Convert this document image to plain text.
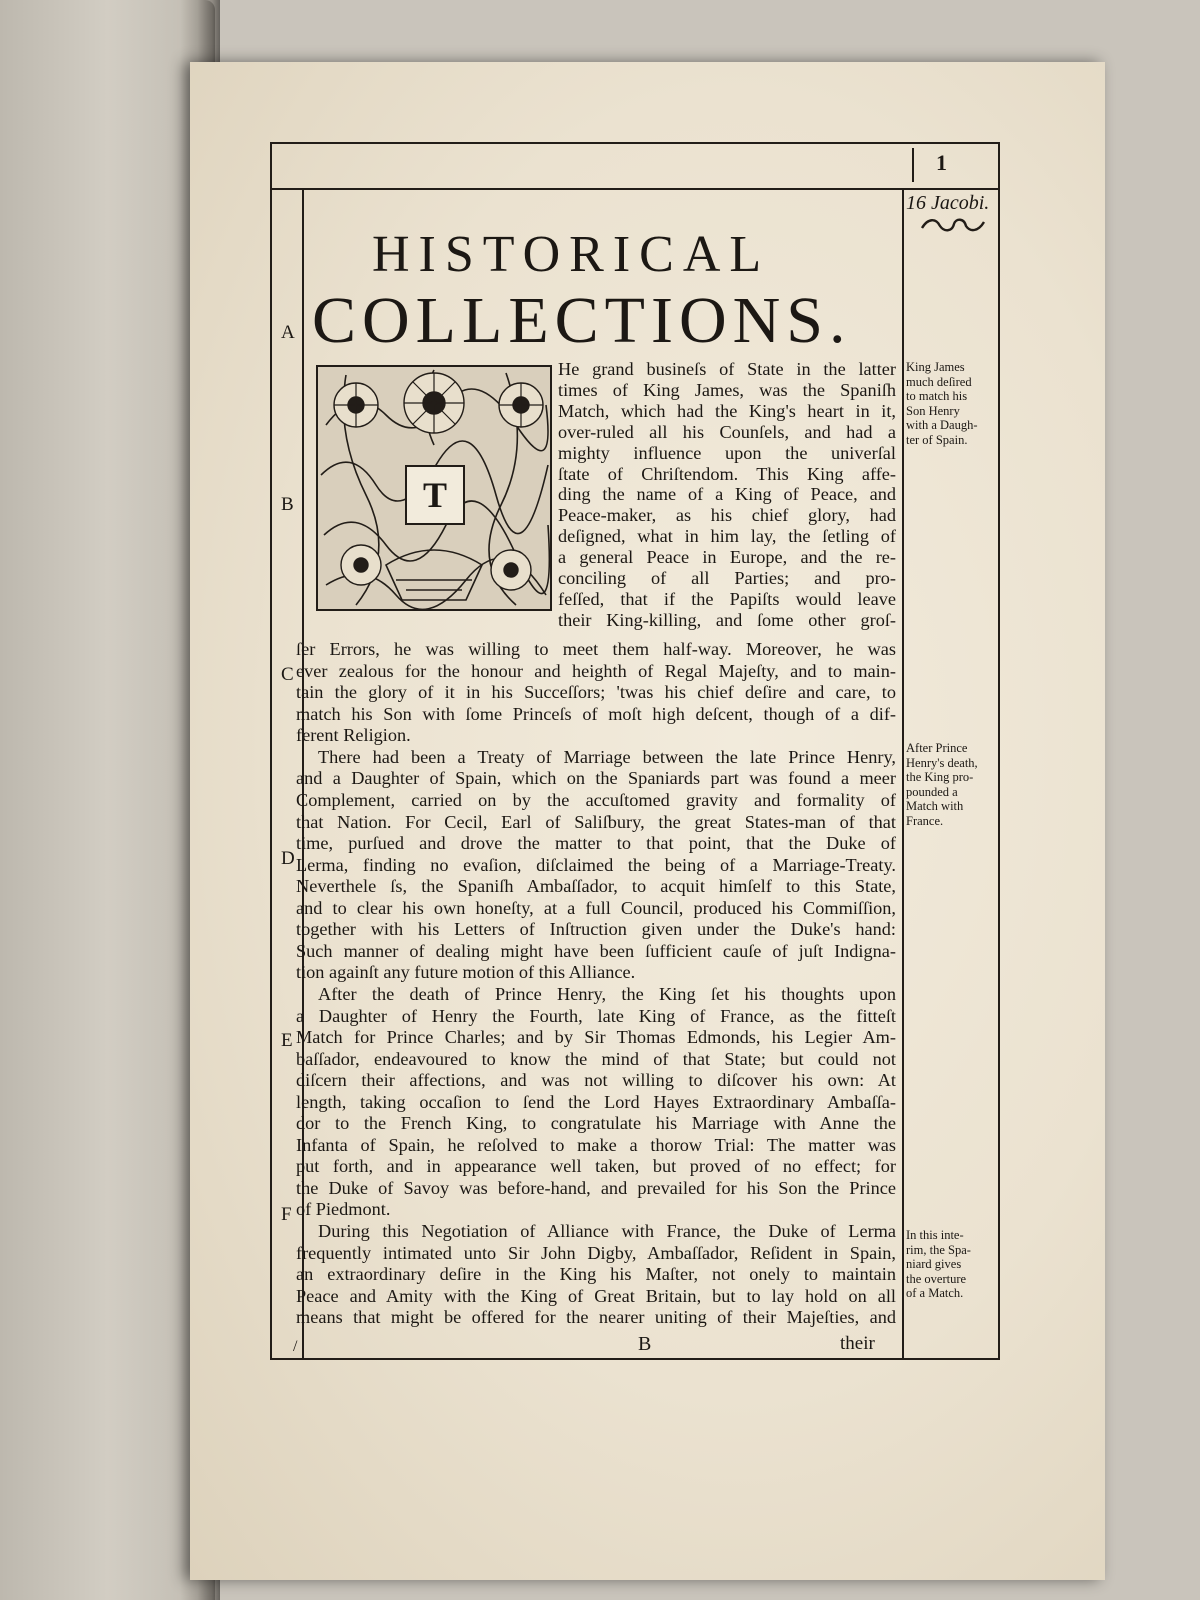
1
16 Jacobi.
HISTORICAL
COLLECTIONS.
A
B
C
D
E
F
T
He grand busineſs of State in the latter
times of King James, was the Spaniſh
Match, which had the King's heart in it,
over-ruled all his Counſels, and had a
mighty influence upon the univerſal
ſtate of Chriſtendom. This King affe-
ding the name of a King of Peace, and
Peace-maker, as his chief glory, had
deſigned, what in him lay, the ſetling of
a general Peace in Europe, and the re-
conciling of all Parties; and pro-
feſſed, that if the Papiſts would leave
their King-killing, and ſome other groſ-
ſer Errors, he was willing to meet them half-way. Moreover, he was
ever zealous for the honour and heighth of Regal Majeſty, and to main-
tain the glory of it in his Succeſſors; 'twas his chief deſire and care, to
match his Son with ſome Princeſs of moſt high deſcent, though of a dif-
ferent Religion.
There had been a Treaty of Marriage between the late Prince Henry,
and a Daughter of Spain, which on the Spaniards part was found a meer
Complement, carried on by the accuſtomed gravity and formality of
that Nation. For Cecil, Earl of Saliſbury, the great States-man of that
time, purſued and drove the matter to that point, that the Duke of
Lerma, finding no evaſion, diſclaimed the being of a Marriage-Treaty.
Neverthele ſs, the Spaniſh Ambaſſador, to acquit himſelf to this State,
and to clear his own honeſty, at a full Council, produced his Commiſſion,
together with his Letters of Inſtruction given under the Duke's hand:
Such manner of dealing might have been ſufficient cauſe of juſt Indigna-
tion againſt any future motion of this Alliance.
After the death of Prince Henry, the King ſet his thoughts upon
a Daughter of Henry the Fourth, late King of France, as the fitteſt
Match for Prince Charles; and by Sir Thomas Edmonds, his Legier Am-
baſſador, endeavoured to know the mind of that State; but could not
diſcern their affections, and was not willing to diſcover his own: At
length, taking occaſion to ſend the Lord Hayes Extraordinary Ambaſſa-
dor to the French King, to congratulate his Marriage with Anne the
Infanta of Spain, he reſolved to make a thorow Trial: The matter was
put forth, and in appearance well taken, but proved of no effect; for
the Duke of Savoy was before-hand, and prevailed for his Son the Prince
of Piedmont.
During this Negotiation of Alliance with France, the Duke of Lerma
frequently intimated unto Sir John Digby, Ambaſſador, Reſident in Spain,
an extraordinary deſire in the King his Maſter, not onely to maintain
Peace and Amity with the King of Great Britain, but to lay hold on all
means that might be offered for the nearer uniting of their Majeſties, and
King James
much deſired
to match his
Son Henry
with a Daugh-
ter of Spain.
After Prince
Henry's death,
the King pro-
pounded a
Match with
France.
In this inte-
rim, the Spa-
niard gives
the overture
of a Match.
/	B	their
